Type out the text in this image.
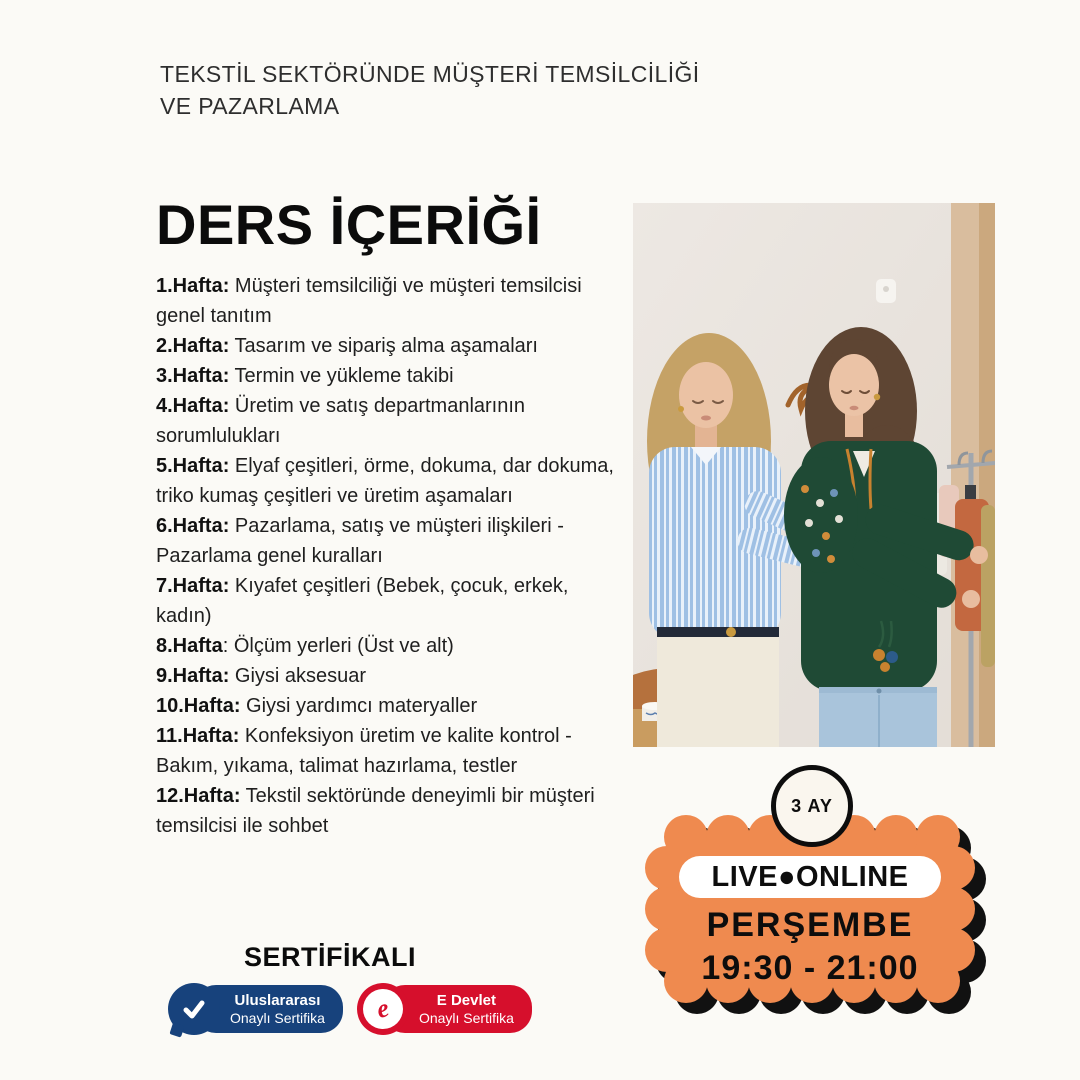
TEKSTİL SEKTÖRÜNDE MÜŞTERİ TEMSİLCİLİĞİ
VE PAZARLAMA
DERS İÇERİĞİ

1.Hafta: Müşteri temsilciliği ve müşteri temsilcisi genel tanıtım

2.Hafta: Tasarım ve sipariş alma aşamaları

3.Hafta: Termin ve yükleme takibi

4.Hafta: Üretim ve satış departmanlarının sorumlulukları

5.Hafta: Elyaf çeşitleri, örme, dokuma, dar dokuma, triko kumaş çeşitleri ve üretim aşamaları

6.Hafta: Pazarlama, satış ve müşteri ilişkileri - Pazarlama genel kuralları

7.Hafta: Kıyafet çeşitleri (Bebek, çocuk, erkek, kadın)

8.Hafta: Ölçüm yerleri (Üst ve alt)

9.Hafta: Giysi aksesuar

10.Hafta: Giysi yardımcı materyaller

11.Hafta: Konfeksiyon üretim ve kalite kontrol - Bakım, yıkama, talimat hazırlama, testler

12.Hafta: Tekstil sektöründe deneyimli bir müşteri temsilcisi ile sohbet

3 AY
LIVE●ONLINE
PERŞEMBE
19:30 - 21:00
SERTİFİKALI
Uluslararası
Onaylı Sertifika e	E Devlet
Onaylı Sertifika
